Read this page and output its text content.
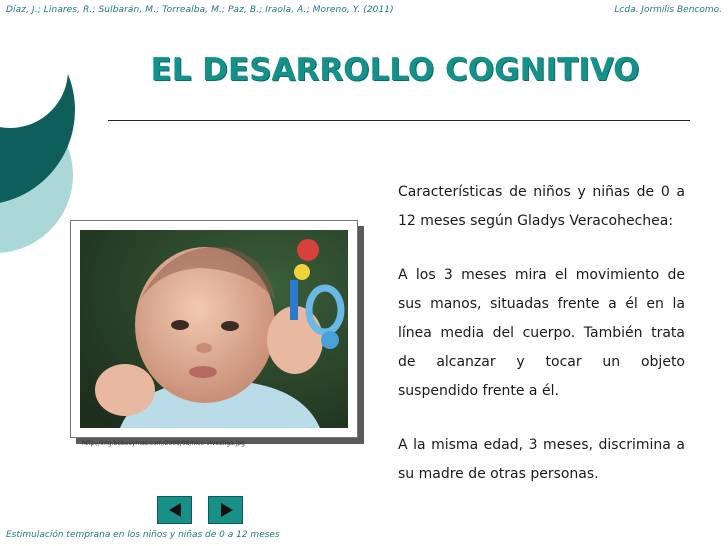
Díaz, J.; Linares, R.; Sulbarán, M.; Torrealba, M.; Paz, B.; Iraola, A.; Moreno, Y. (2011)	Lcda. Jormilis Bencomo.
EL DESARROLLO COGNITIVO
http://img.bebesymas.com/2009/08/nico-investiga.jpg

Características de niños y niñas de 0 a 12 meses según Gladys Veracohechea:

A los 3 meses mira el movimiento de sus manos, situadas frente a él en la línea media del cuerpo. También trata de alcanzar y tocar un objeto suspendido frente a él.

A la misma edad, 3 meses, discrimina a su madre de otras personas.

Estimulación temprana en los niños y niñas de 0 a 12 meses
